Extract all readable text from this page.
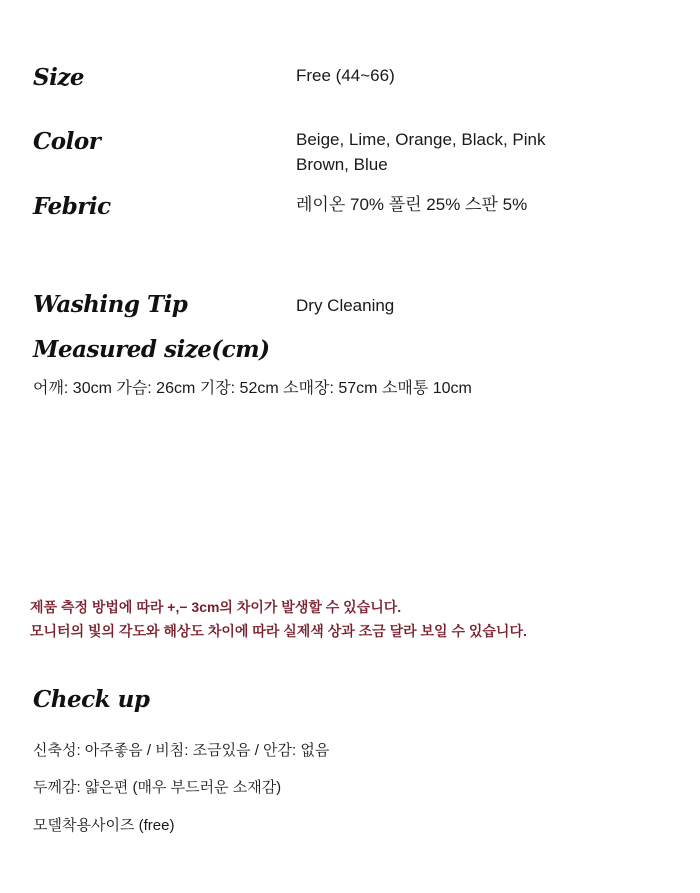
Size	Free (44~66)
Color	Beige, Lime, Orange, Black, Pink
Brown, Blue
Febric	레이온 70% 폴린 25% 스판 5%
Washing Tip	Dry Cleaning
Measured size(cm)
어깨: 30cm 가슴: 26cm 기장: 52cm 소매장: 57cm 소매통 10cm
제품 측정 방법에 따라 +,− 3cm의 차이가 발생할 수 있습니다.
모니터의 빛의 각도와 해상도 차이에 따라 실제색 상과 조금 달라 보일 수 있습니다.
Check up
신축성: 아주좋음 / 비침: 조금있음 / 안감: 없음
두께감: 얇은편 (매우 부드러운 소재감)
모델착용사이즈 (free)
